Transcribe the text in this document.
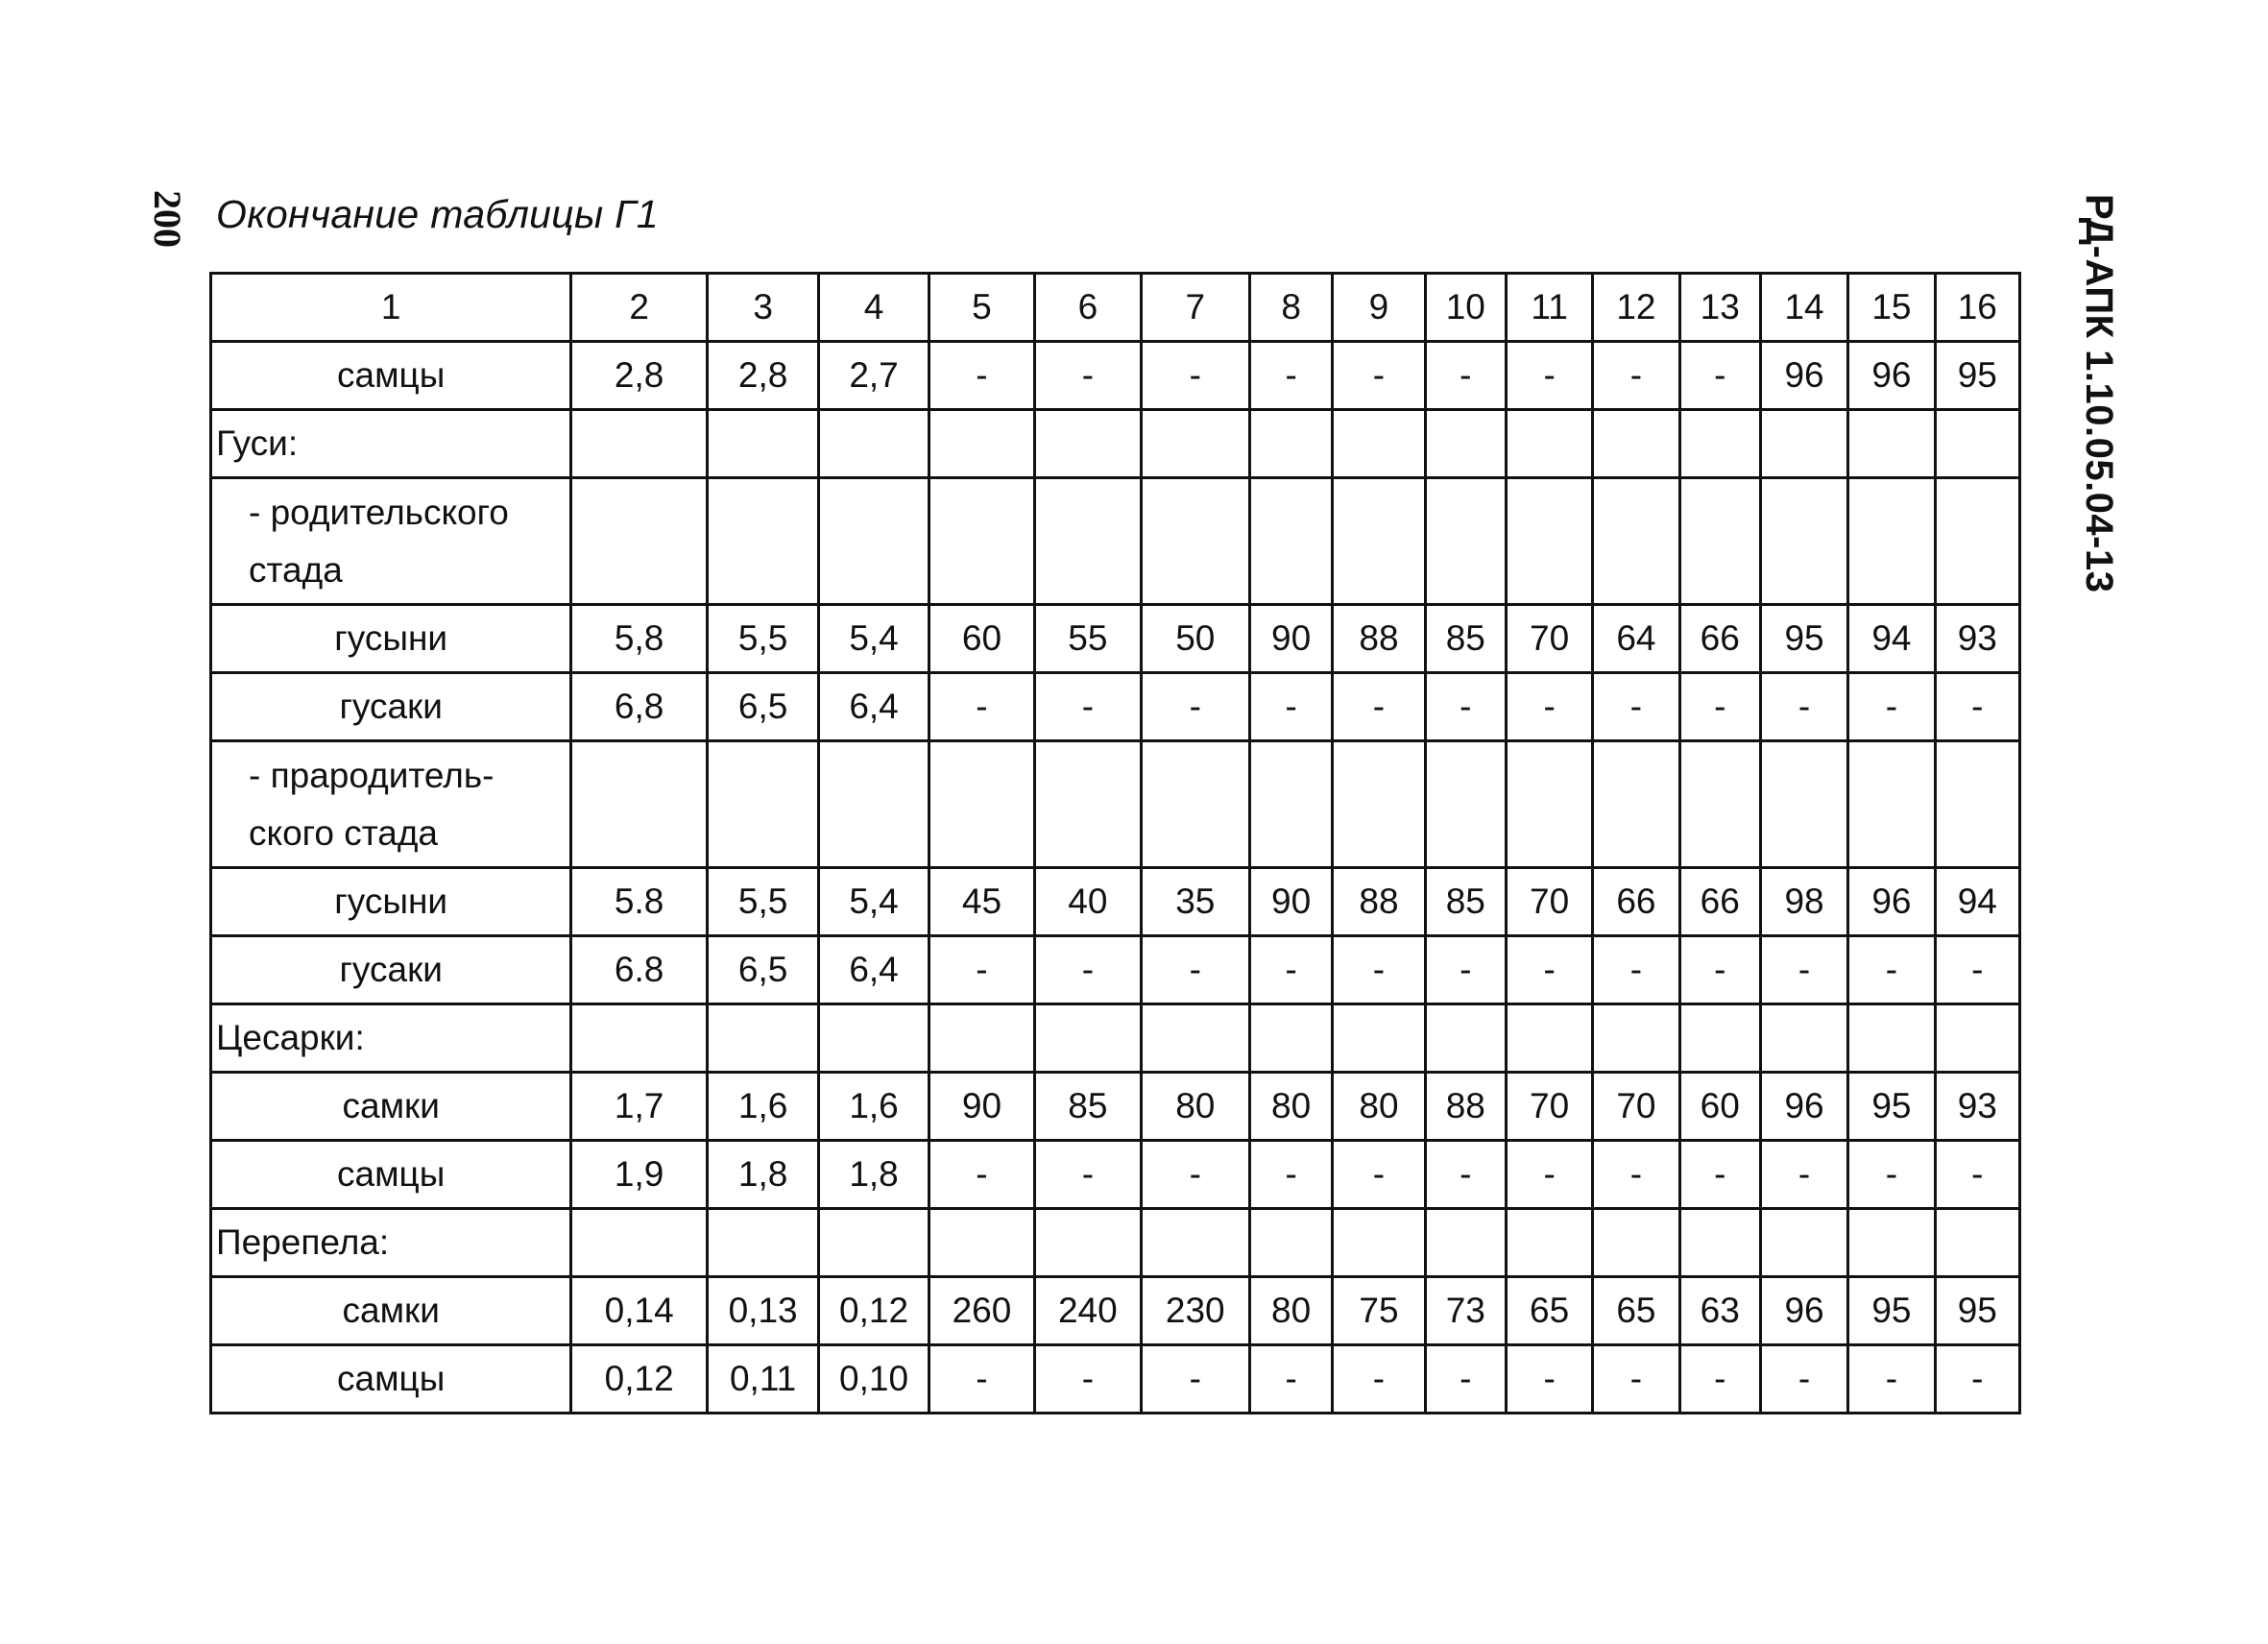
200 Окончание таблицы Г1	РД-АПК 1.10.05.04-13
1	2	3	4	5	6	7	8	9	10	11	12	13	14	15	16
самцы	2,8	2,8	2,7	-	-	-	-	-	-	-	-	-	96	96	95
Гуси:															
- родительского стада															
гусыни	5,8	5,5	5,4	60	55	50	90	88	85	70	64	66	95	94	93
гусаки	6,8	6,5	6,4	-	-	-	-	-	-	-	-	-	-	-	-
- прародитель-ского стада															
гусыни	5.8	5,5	5,4	45	40	35	90	88	85	70	66	66	98	96	94
гусаки	6.8	6,5	6,4	-	-	-	-	-	-	-	-	-	-	-	-
Цесарки:															
самки	1,7	1,6	1,6	90	85	80	80	80	88	70	70	60	96	95	93
самцы	1,9	1,8	1,8	-	-	-	-	-	-	-	-	-	-	-	-
Перепела:															
самки	0,14	0,13	0,12	260	240	230	80	75	73	65	65	63	96	95	95
самцы	0,12	0,11	0,10	-	-	-	-	-	-	-	-	-	-	-	-
